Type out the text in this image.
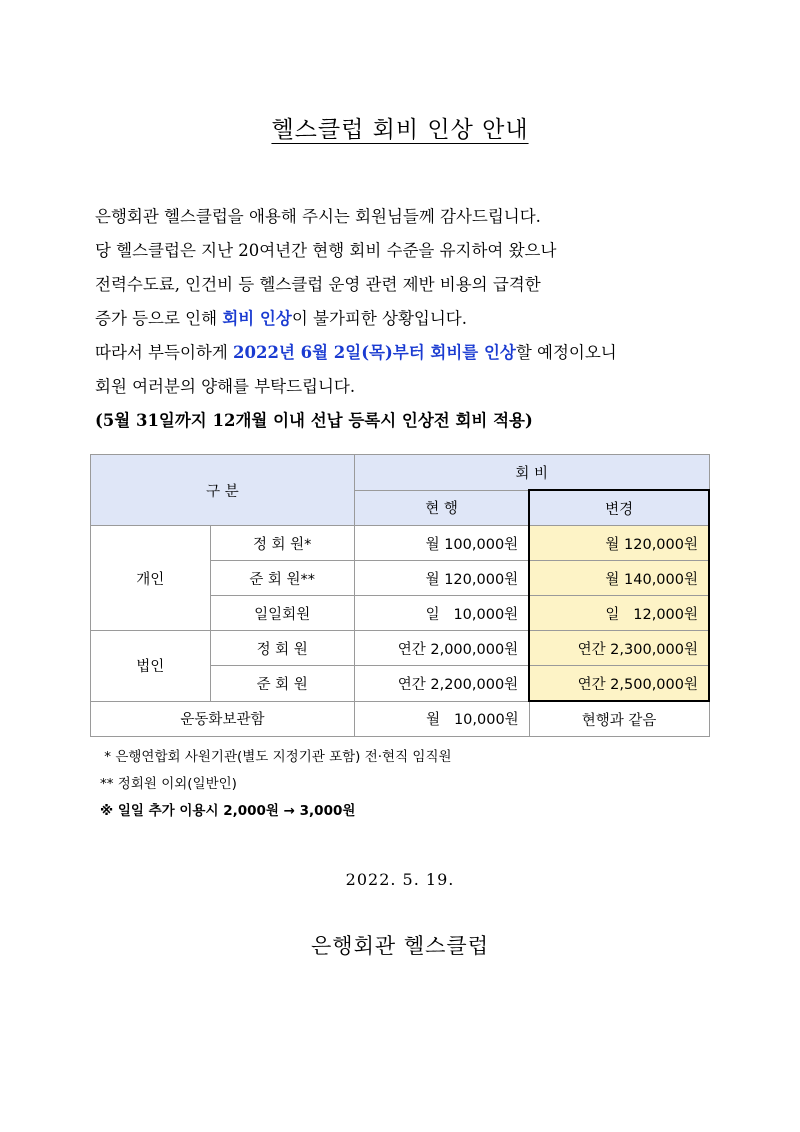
헬스클럽 회비 인상 안내
은행회관 헬스클럽을 애용해 주시는 회원님들께 감사드립니다.
당 헬스클럽은 지난 20여년간 현행 회비 수준을 유지하여 왔으나
전력수도료, 인건비 등 헬스클럽 운영 관련 제반 비용의 급격한
증가 등으로 인해 회비 인상이 불가피한 상황입니다.
따라서 부득이하게 2022년 6월 2일(목)부터 회비를 인상할 예정이오니
회원 여러분의 양해를 부탁드립니다.
(5월 31일까지 12개월 이내 선납 등록시 인상전 회비 적용)
구 분		회 비	
		현 행	변경
개인	정 회 원*	월 100,000원	월 120,000원
	준 회 원**	월 120,000원	월 140,000원
	일일회원	일   10,000원	일   12,000원
법인	정 회 원	연간 2,000,000원	연간 2,300,000원
	준 회 원	연간 2,200,000원	연간 2,500,000원
운동화보관함		월   10,000원	현행과 같음
* 은행연합회 사원기관(별도 지정기관 포함) 전·현직 임직원
** 정회원 이외(일반인)
※ 일일 추가 이용시 2,000원 → 3,000원
2022. 5. 19.
은행회관 헬스클럽
